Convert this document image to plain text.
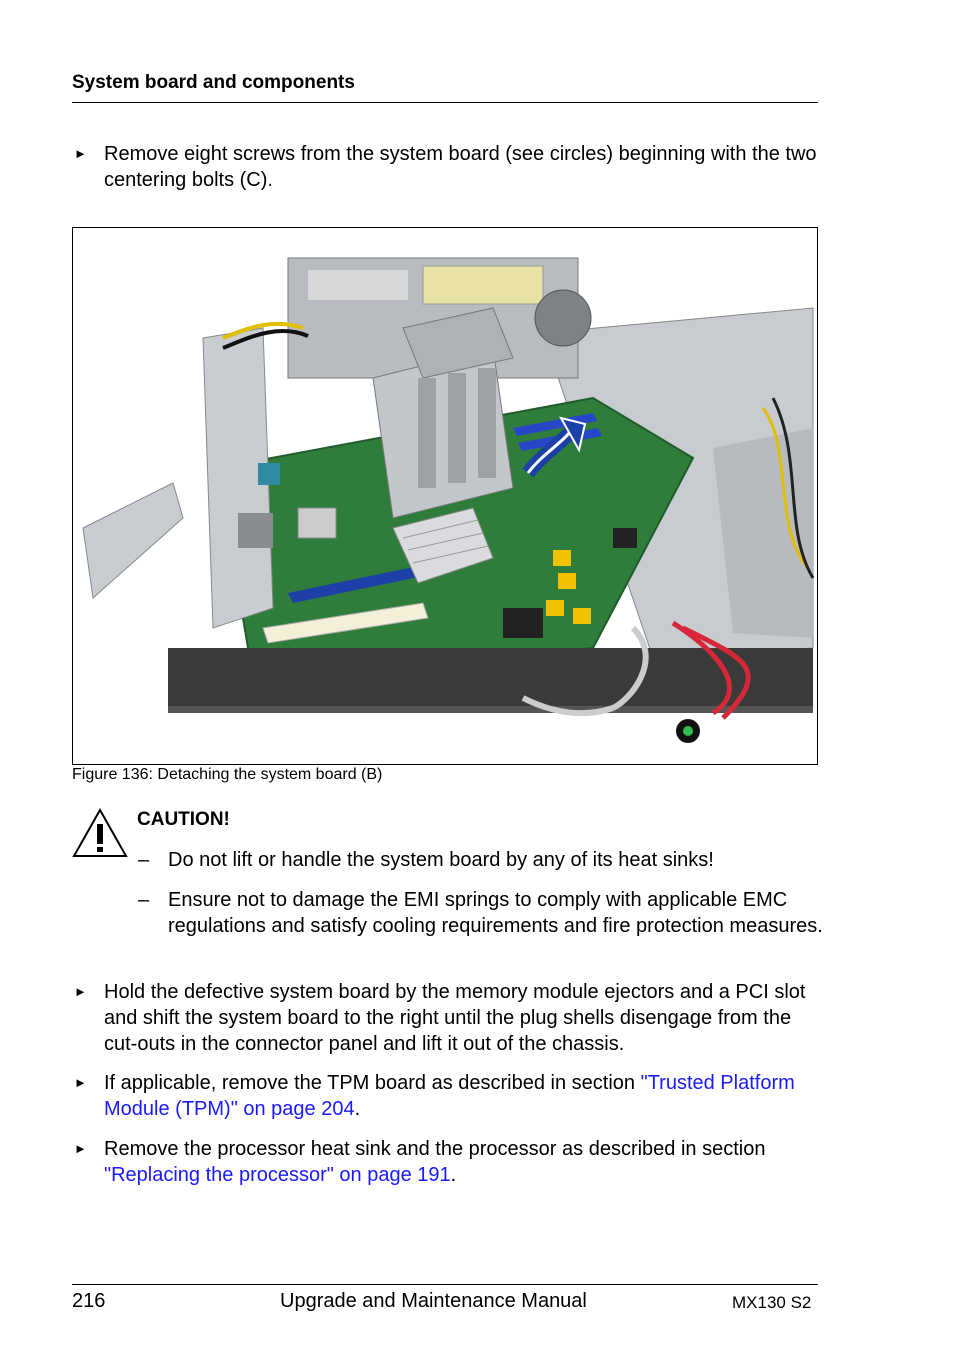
System board and components
► Remove eight screws from the system board (see circles) beginning with the two centering bolts (C).
Figure 136: Detaching the system board (B)
CAUTION!
– Do not lift or handle the system board by any of its heat sinks!
– Ensure not to damage the EMI springs to comply with applicable EMC regulations and satisfy cooling requirements and fire protection measures.
► Hold the defective system board by the memory module ejectors and a PCI slot and shift the system board to the right until the plug shells disengage from the cut-outs in the connector panel and lift it out of the chassis.
► If applicable, remove the TPM board as described in section "Trusted Platform Module (TPM)" on page 204.
► Remove the processor heat sink and the processor as described in section "Replacing the processor" on page 191.
216	Upgrade and Maintenance Manual	MX130 S2
